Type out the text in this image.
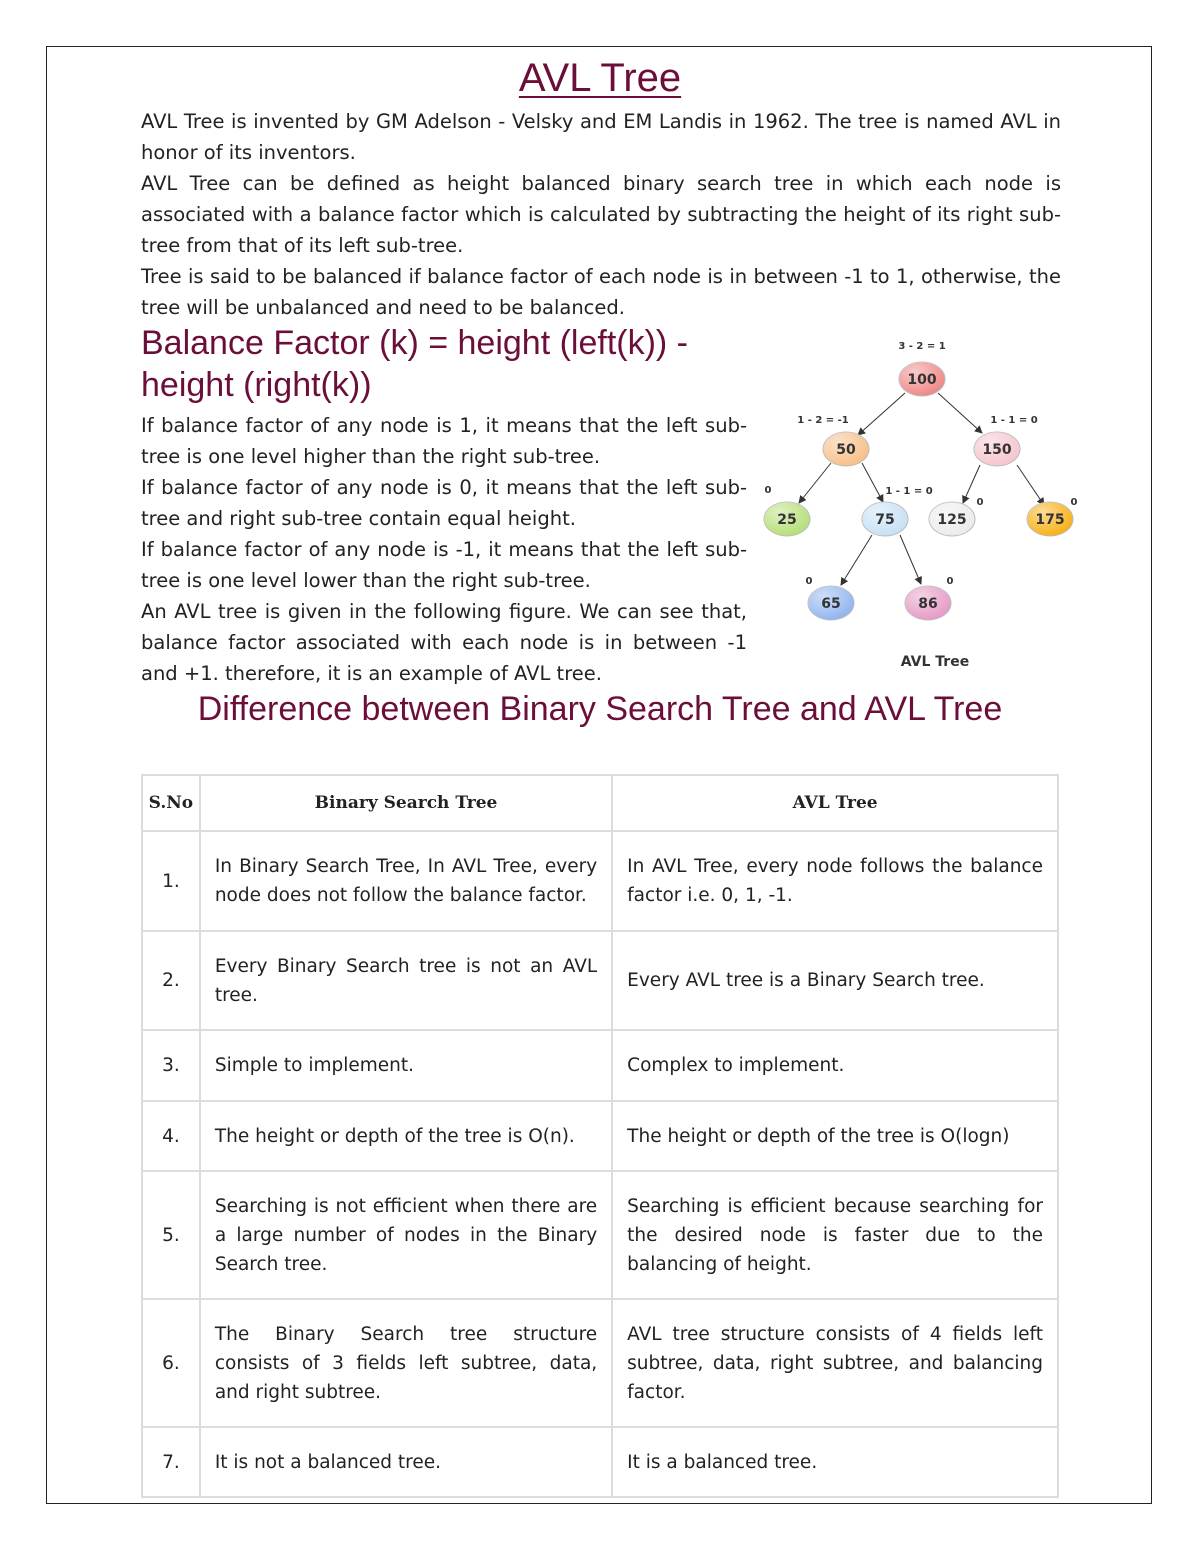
AVL Tree

AVL Tree is invented by GM Adelson - Velsky and EM Landis in 1962. The tree is named AVL in honor of its inventors.

AVL Tree can be defined as height balanced binary search tree in which each node is associated with a balance factor which is calculated by subtracting the height of its right sub-tree from that of its left sub-tree.

Tree is said to be balanced if balance factor of each node is in between -1 to 1, otherwise, the tree will be unbalanced and need to be balanced.

Balance Factor (k) = height (left(k)) - height (right(k))

If balance factor of any node is 1, it means that the left sub-tree is one level higher than the right sub-tree.

If balance factor of any node is 0, it means that the left sub-tree and right sub-tree contain equal height.

If balance factor of any node is -1, it means that the left sub-tree is one level lower than the right sub-tree.

An AVL tree is given in the following figure. We can see that, balance factor associated with each node is in between -1 and +1. therefore, it is an example of AVL tree.

100
3 - 2 = 1
50
1 - 2 = -1
150
1 - 1 = 0
25
0
75
1 - 1 = 0
125
0
175
0
65
0
86
0
AVL Tree
Difference between Binary Search Tree and AVL Tree
S.No	Binary Search Tree	AVL Tree
1.	In Binary Search Tree, In AVL Tree, every node does not follow the balance factor.	In AVL Tree, every node follows the balance factor i.e. 0, 1, -1.
2.	Every Binary Search tree is not an AVL tree.	Every AVL tree is a Binary Search tree.
3.	Simple to implement.	Complex to implement.
4.	The height or depth of the tree is O(n).	The height or depth of the tree is O(logn)
5.	Searching is not efficient when there are a large number of nodes in the Binary Search tree.	Searching is efficient because searching for the desired node is faster due to the balancing of height.
6.	The Binary Search tree structure consists of 3 fields left subtree, data, and right subtree.	AVL tree structure consists of 4 fields left subtree, data, right subtree, and balancing factor.
7.	It is not a balanced tree.	It is a balanced tree.
